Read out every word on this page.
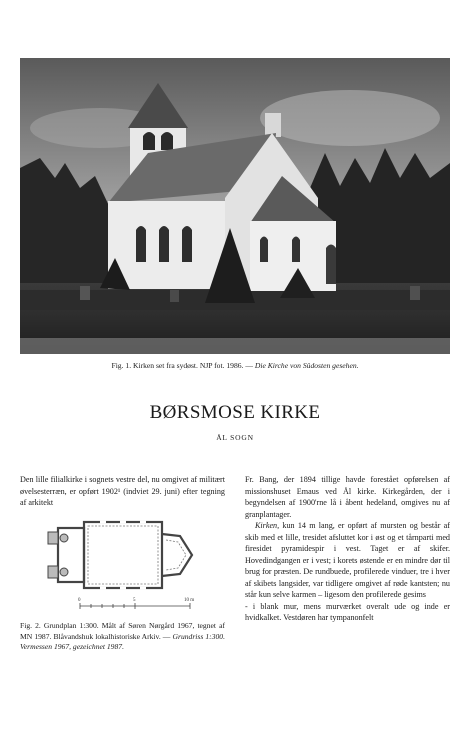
Fig. 1. Kirken set fra sydøst. NJP fot. 1986. — Die Kirche von Südosten gesehen.
BØRSMOSE KIRKE
ÅL SOGN

Den lille filialkirke i sognets vestre del, nu omgivet af militært øvelsesterræn, er opført 1902¹ (indviet 29. juni) efter tegning af arkitekt

0	5	10 m
Fig. 2. Grundplan 1:300. Målt af Søren Nørgård 1967, tegnet af MN 1987. Blåvandshuk lokalhistoriske Arkiv. — Grundriss 1:300. Vermessen 1967, gezeichnet 1987.

Fr. Bang, der 1894 tillige havde forestået opførelsen af missionshuset Emaus ved Ål kirke. Kirkegården, der i begyndelsen af 1900'rne lå i åbent hedeland, omgives nu af granplantager.

Kirken, kun 14 m lang, er opført af mursten og består af skib med et lille, tresidet afsluttet kor i øst og et tårnparti med firesidet pyramidespir i vest. Taget er af skifer. Hovedindgangen er i vest; i korets østende er en mindre dør til brug for præsten. De rundbuede, profilerede vinduer, tre i hver af skibets langsider, var tidligere omgivet af røde kantsten; nu står kun selve karmen – ligesom den profilerede gesims

- i blank mur, mens murværket overalt ude og inde er hvidkalket. Vestdøren har tympanonfelt
